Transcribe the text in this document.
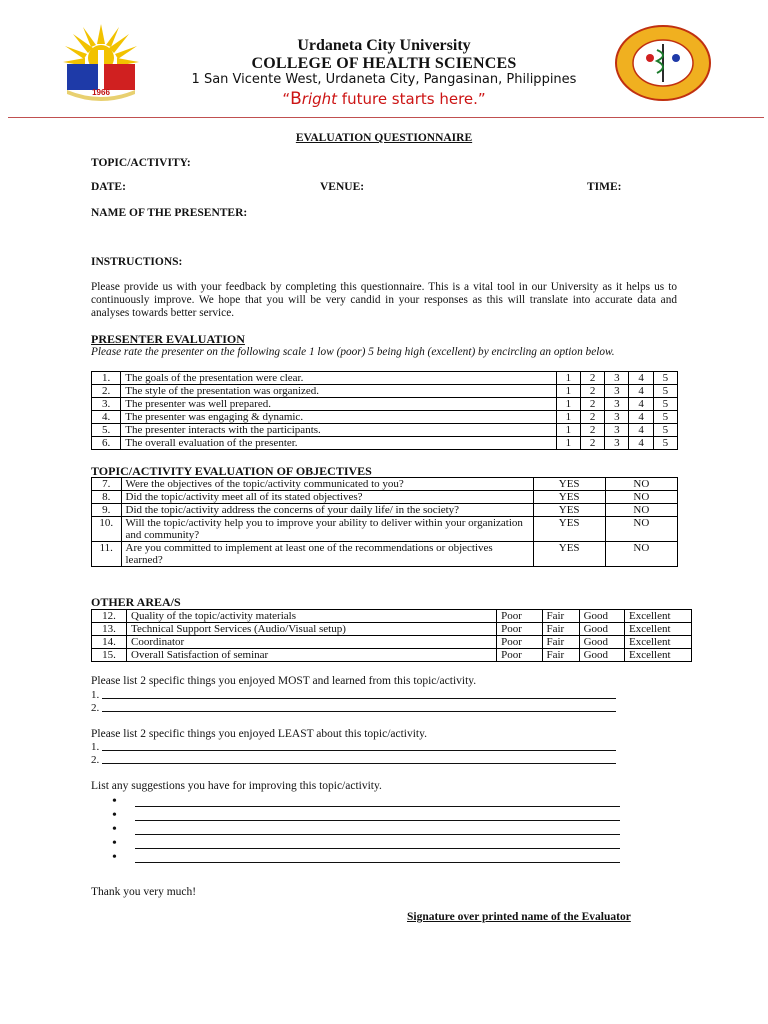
1966
Urdaneta City University
COLLEGE OF HEALTH SCIENCES
1 San Vicente West, Urdaneta City, Pangasinan, Philippines
“Bright future starts here.”
EVALUATION QUESTIONNAIRE
TOPIC/ACTIVITY:
DATE:	VENUE:	TIME:
NAME OF THE PRESENTER:
INSTRUCTIONS:
Please provide us with your feedback by completing this questionnaire. This is a vital tool in our University as it helps us to continuously improve. We hope that you will be very candid in your responses as this will translate into accurate data and analyses towards better service.
PRESENTER EVALUATION
Please rate the presenter on the following scale 1 low (poor) 5 being high (excellent) by encircling an option below.
1.	The goals of the presentation were clear.	1	2	3	4	5
2.	The style of the presentation was organized.	1	2	3	4	5
3.	The presenter was well prepared.	1	2	3	4	5
4.	The presenter was engaging & dynamic.	1	2	3	4	5
5.	The presenter interacts with the participants.	1	2	3	4	5
6.	The overall evaluation of the presenter.	1	2	3	4	5
TOPIC/ACTIVITY EVALUATION OF OBJECTIVES
7.	Were the objectives of the topic/activity communicated to you?	YES	NO
8.	Did the topic/activity meet all of its stated objectives?	YES	NO
9.	Did the topic/activity address the concerns of your daily life/ in the society?	YES	NO
10.	Will the topic/activity help you to improve your ability to deliver within your organization and community?	YES	NO
11.	Are you committed to implement at least one of the recommendations or objectives learned?	YES	NO
OTHER AREA/S
12.	Quality of the topic/activity materials	Poor	Fair	Good	Excellent
13.	Technical Support Services (Audio/Visual setup)	Poor	Fair	Good	Excellent
14.	Coordinator	Poor	Fair	Good	Excellent
15.	Overall Satisfaction of seminar	Poor	Fair	Good	Excellent
Please list 2 specific things you enjoyed MOST and learned from this topic/activity.
1.
2.
Please list 2 specific things you enjoyed LEAST about this topic/activity.
1.
2.
List any suggestions you have for improving this topic/activity.
•
•
•
•
•
Thank you very much!
Signature over printed name of the Evaluator
